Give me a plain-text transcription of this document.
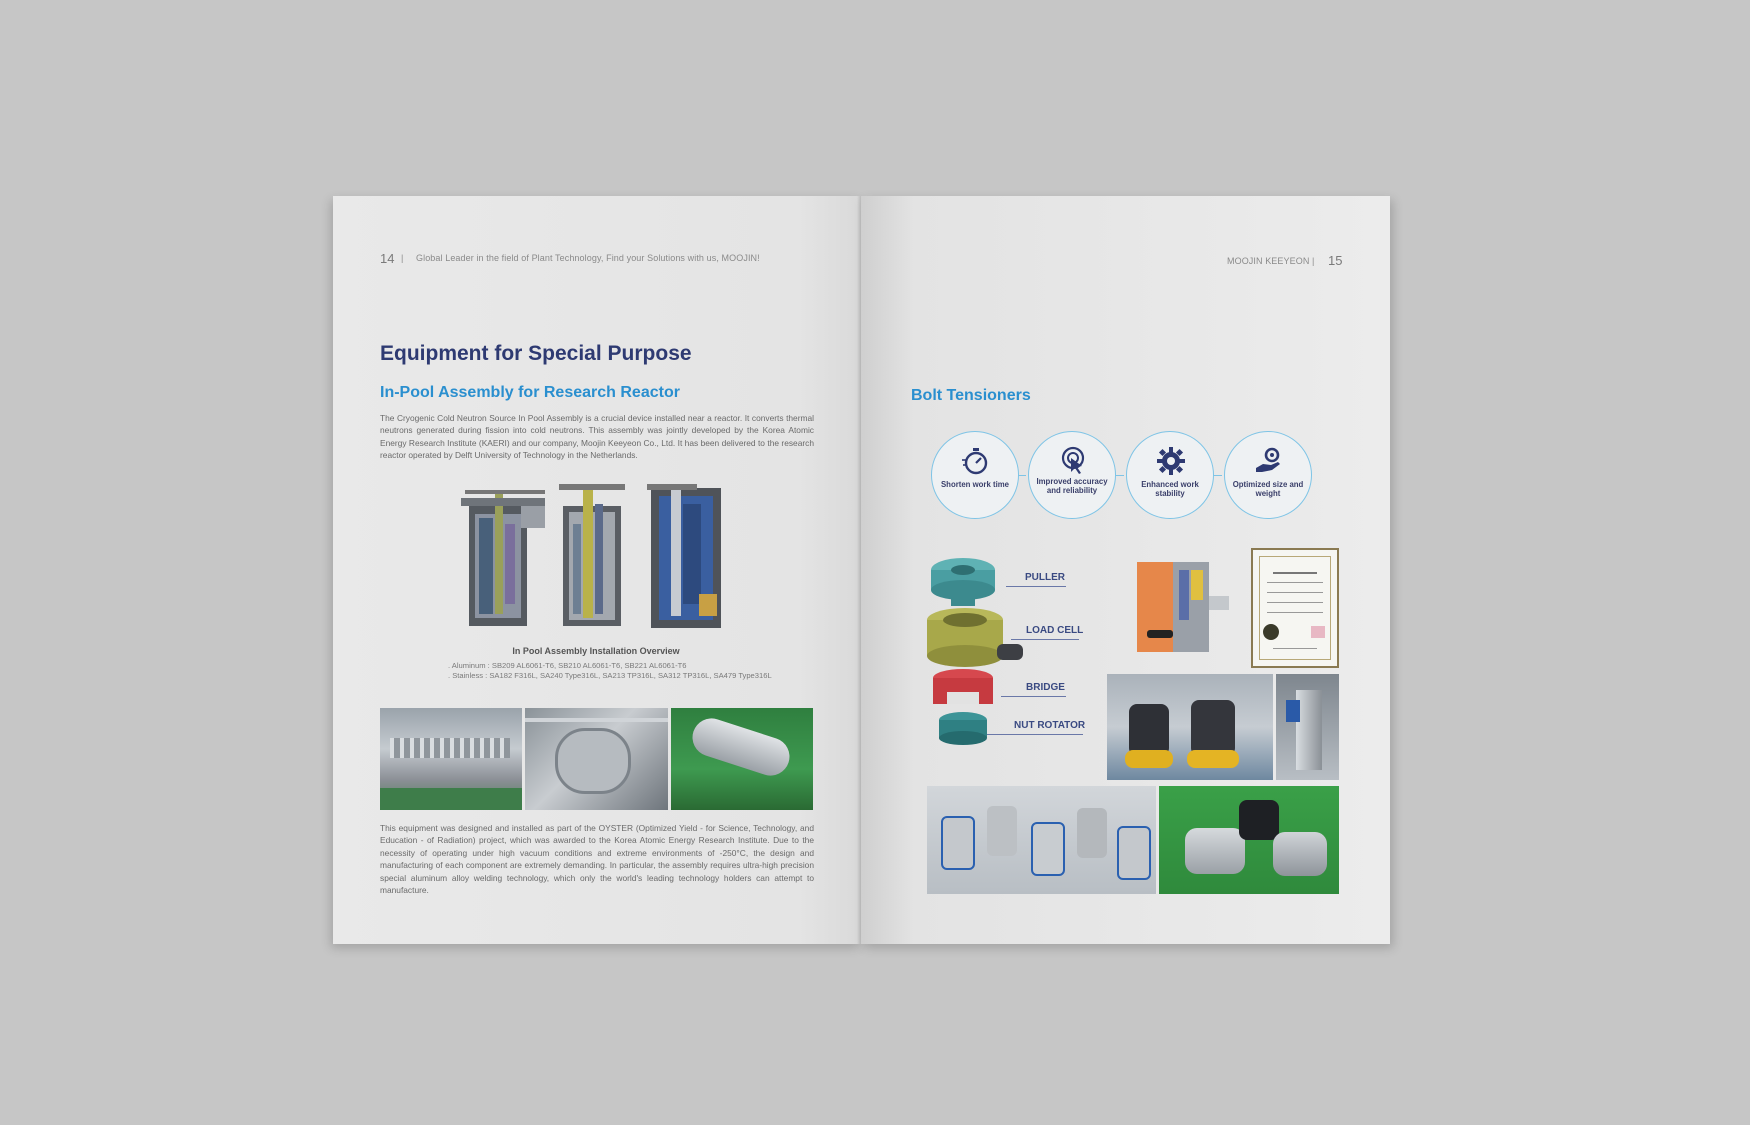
14 | Global Leader in the field of Plant Technology, Find your Solutions with us, MOOJIN!
Equipment for Special Purpose
In-Pool Assembly for Research Reactor
The Cryogenic Cold Neutron Source In Pool Assembly is a crucial device installed near a reactor. It converts thermal neutrons generated during fission into cold neutrons. This assembly was jointly developed by the Korea Atomic Energy Research Institute (KAERI) and our company, Moojin Keeyeon Co., Ltd. It has been delivered to the research reactor operated by Delft University of Technology in the Netherlands.
In Pool Assembly Installation Overview
. Aluminum : SB209 AL6061-T6, SB210 AL6061-T6, SB221 AL6061-T6
. Stainless : SA182 F316L, SA240 Type316L, SA213 TP316L, SA312 TP316L, SA479 Type316L
This equipment was designed and installed as part of the OYSTER (Optimized Yield - for Science, Technology, and Education - of Radiation) project, which was awarded to the Korea Atomic Energy Research Institute. Due to the necessity of operating under high vacuum conditions and extreme environments of -250°C, the design and manufacturing of each component are extremely demanding. In particular, the assembly requires ultra-high precision special aluminum alloy welding technology, which only the world's leading technology holders can attempt to manufacture.
MOOJIN KEEYEON | 15
Bolt Tensioners
Shorten work time	Improved accuracy and reliability
Enhanced work stability
Optimized size and weight
PULLER
LOAD CELL
BRIDGE
NUT ROTATOR
